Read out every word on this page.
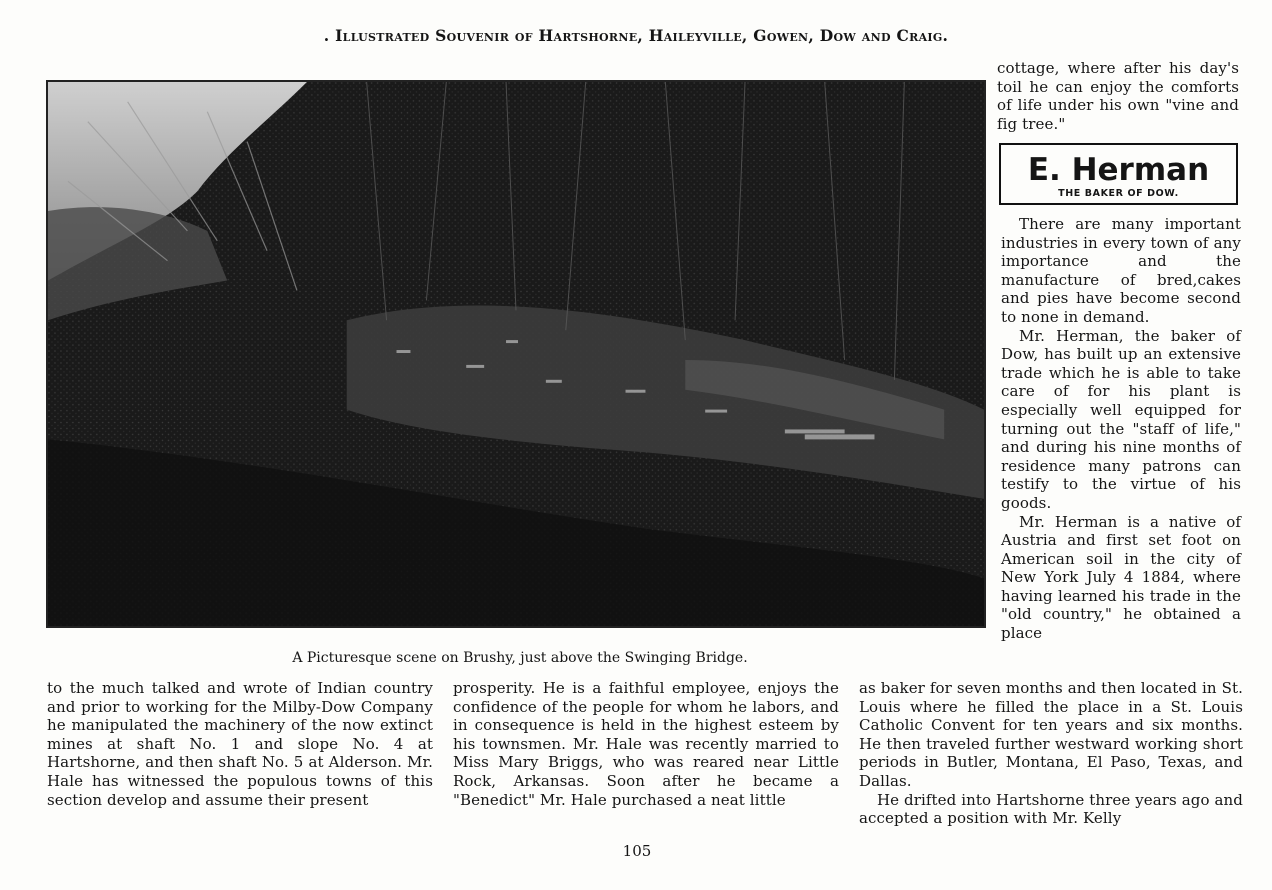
. Illustrated Souvenir of Hartshorne, Haileyville, Gowen, Dow and Craig.
A Picturesque scene on Brushy, just above the Swinging Bridge.

cottage, where after his day's toil he can enjoy the comforts of life under his own "vine and fig tree."

E. Herman
THE BAKER OF DOW.

There are many important industries in every town of any importance and the manufacture of bred,cakes and pies have become second to none in demand.

Mr. Herman, the baker of Dow, has built up an extensive trade which he is able to take care of for his plant is especially well equipped for turning out the "staff of life," and during his nine months of residence many patrons can testify to the virtue of his goods.

Mr. Herman is a native of Austria and first set foot on American soil in the city of New York July 4 1884, where having learned his trade in the "old country," he obtained a place

to the much talked and wrote of Indian country and prior to working for the Milby-Dow Company he manipulated the machinery of the now extinct mines at shaft No. 1 and slope No. 4 at Hartshorne, and then shaft No. 5 at Alderson. Mr. Hale has witnessed the populous towns of this section develop and assume their present

prosperity. He is a faithful employee, enjoys the confidence of the people for whom he labors, and in consequence is held in the highest esteem by his townsmen. Mr. Hale was recently married to Miss Mary Briggs, who was reared near Little Rock, Arkansas. Soon after he became a "Benedict" Mr. Hale purchased a neat little

as baker for seven months and then located in St. Louis where he filled the place in a St. Louis Catholic Convent for ten years and six months. He then traveled further westward working short periods in Butler, Montana, El Paso, Texas, and Dallas.

He drifted into Hartshorne three years ago and accepted a position with Mr. Kelly

105
